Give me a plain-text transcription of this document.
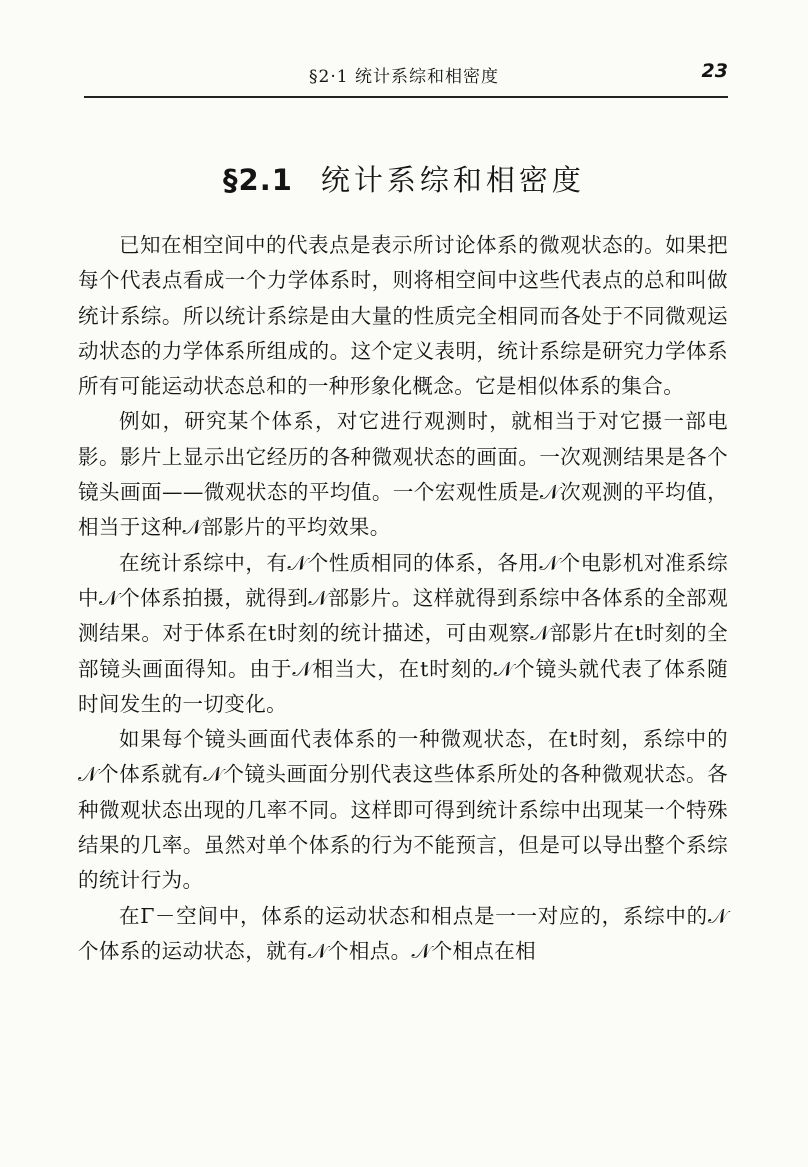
§2·1 统计系综和相密度	23
§2.1 统计系综和相密度

已知在相空间中的代表点是表示所讨论体系的微观状态的。如果把每个代表点看成一个力学体系时，则将相空间中这些代表点的总和叫做统计系综。所以统计系综是由大量的性质完全相同而各处于不同微观运动状态的力学体系所组成的。这个定义表明，统计系综是研究力学体系所有可能运动状态总和的一种形象化概念。它是相似体系的集合。

例如，研究某个体系，对它进行观测时，就相当于对它摄一部电影。影片上显示出它经历的各种微观状态的画面。一次观测结果是各个镜头画面——微观状态的平均值。一个宏观性质是𝒩次观测的平均值，相当于这种𝒩部影片的平均效果。

在统计系综中，有𝒩个性质相同的体系，各用𝒩个电影机对准系综中𝒩个体系拍摄，就得到𝒩部影片。这样就得到系综中各体系的全部观测结果。对于体系在t时刻的统计描述，可由观察𝒩部影片在t时刻的全部镜头画面得知。由于𝒩相当大，在t时刻的𝒩个镜头就代表了体系随时间发生的一切变化。

如果每个镜头画面代表体系的一种微观状态，在t时刻，系综中的𝒩个体系就有𝒩个镜头画面分别代表这些体系所处的各种微观状态。各种微观状态出现的几率不同。这样即可得到统计系综中出现某一个特殊结果的几率。虽然对单个体系的行为不能预言，但是可以导出整个系综的统计行为。

在Γ－空间中，体系的运动状态和相点是一一对应的，系综中的𝒩个体系的运动状态，就有𝒩个相点。𝒩个相点在相
